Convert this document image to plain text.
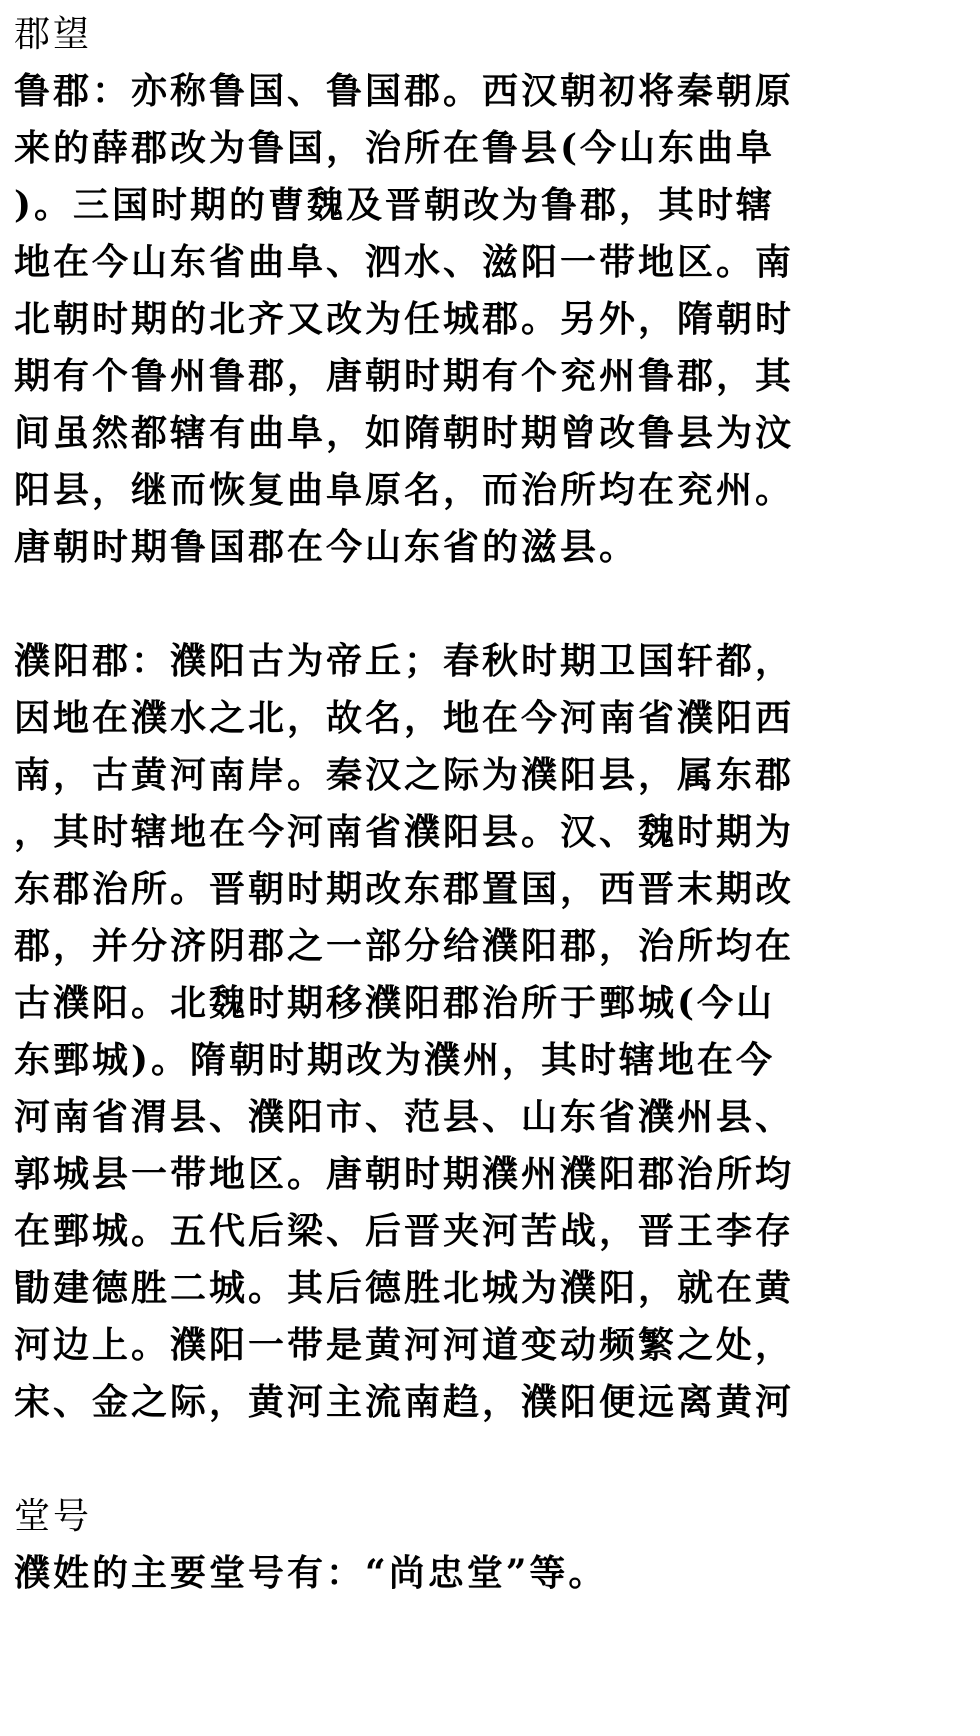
郡望
鲁郡：亦称鲁国、鲁国郡。西汉朝初将秦朝原
来的薛郡改为鲁国，治所在鲁县(今山东曲阜
)。三国时期的曹魏及晋朝改为鲁郡，其时辖
地在今山东省曲阜、泗水、滋阳一带地区。南
北朝时期的北齐又改为任城郡。另外，隋朝时
期有个鲁州鲁郡，唐朝时期有个兖州鲁郡，其
间虽然都辖有曲阜，如隋朝时期曾改鲁县为汶
阳县，继而恢复曲阜原名，而治所均在兖州。
唐朝时期鲁国郡在今山东省的滋县。
濮阳郡：濮阳古为帝丘；春秋时期卫国轩都，
因地在濮水之北，故名，地在今河南省濮阳西
南，古黄河南岸。秦汉之际为濮阳县，属东郡
，其时辖地在今河南省濮阳县。汉、魏时期为
东郡治所。晋朝时期改东郡置国，西晋末期改
郡，并分济阴郡之一部分给濮阳郡，治所均在
古濮阳。北魏时期移濮阳郡治所于鄄城(今山
东鄄城)。隋朝时期改为濮州，其时辖地在今
河南省渭县、濮阳市、范县、山东省濮州县、
郭城县一带地区。唐朝时期濮州濮阳郡治所均
在鄄城。五代后梁、后晋夹河苦战，晋王李存
勖建德胜二城。其后德胜北城为濮阳，就在黄
河边上。濮阳一带是黄河河道变动频繁之处，
宋、金之际，黄河主流南趋，濮阳便远离黄河
堂号
濮姓的主要堂号有：“尚忠堂”等。
